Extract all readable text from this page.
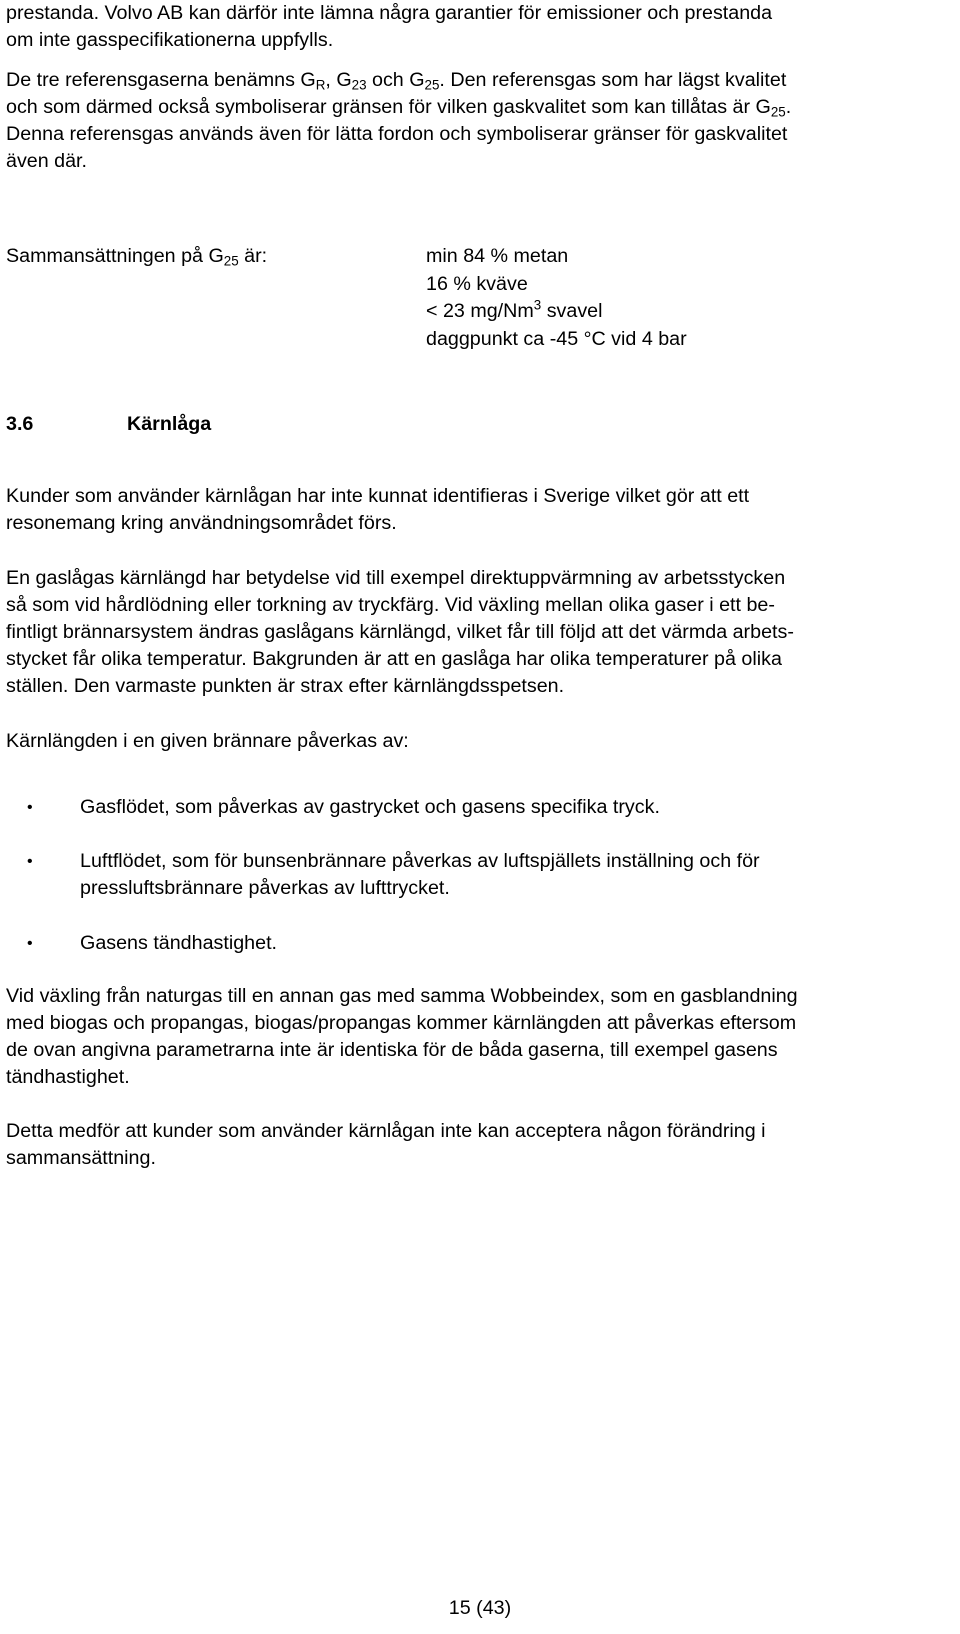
prestanda. Volvo AB kan därför inte lämna några garantier för emissioner och prestanda
om inte gasspecifikationerna uppfylls.

De tre referensgaserna benämns $G_R$, $G_{23}$ och $G_{25}$. Den referensgas som har lägst kvalitet
och som därmed också symboliserar gränsen för vilken gaskvalitet som kan tillåtas är $G_{25}$.
Denna referensgas används även för lätta fordon och symboliserar gränser för gaskvalitet
även där.

Sammansättningen på $G_{25}$ är:	min 84 % metan
16 % kväve
< 23 mg/Nm$^3$ svavel
daggpunkt ca -45 °C vid 4 bar
3.6	Kärnlåga

Kunder som använder kärnlågan har inte kunnat identifieras i Sverige vilket gör att ett
resonemang kring användningsområdet förs.

En gaslågas kärnlängd har betydelse vid till exempel direktuppvärmning av arbetsstycken
så som vid hårdlödning eller torkning av tryckfärg. Vid växling mellan olika gaser i ett be-
fintligt brännarsystem ändras gaslågans kärnlängd, vilket får till följd att det värmda arbets-
stycket får olika temperatur. Bakgrunden är att en gaslåga har olika temperaturer på olika
ställen. Den varmaste punkten är strax efter kärnlängdsspetsen.

Kärnlängden i en given brännare påverkas av:

• Gasflödet, som påverkas av gastrycket och gasens specifika tryck.
• Luftflödet, som för bunsenbrännare påverkas av luftspjällets inställning och för
pressluftsbrännare påverkas av lufttrycket.
• Gasens tändhastighet.

Vid växling från naturgas till en annan gas med samma Wobbeindex, som en gasblandning
med biogas och propangas, biogas/propangas kommer kärnlängden att påverkas eftersom
de ovan angivna parametrarna inte är identiska för de båda gaserna, till exempel gasens
tändhastighet.

Detta medför att kunder som använder kärnlågan inte kan acceptera någon förändring i
sammansättning.

15 (43)
